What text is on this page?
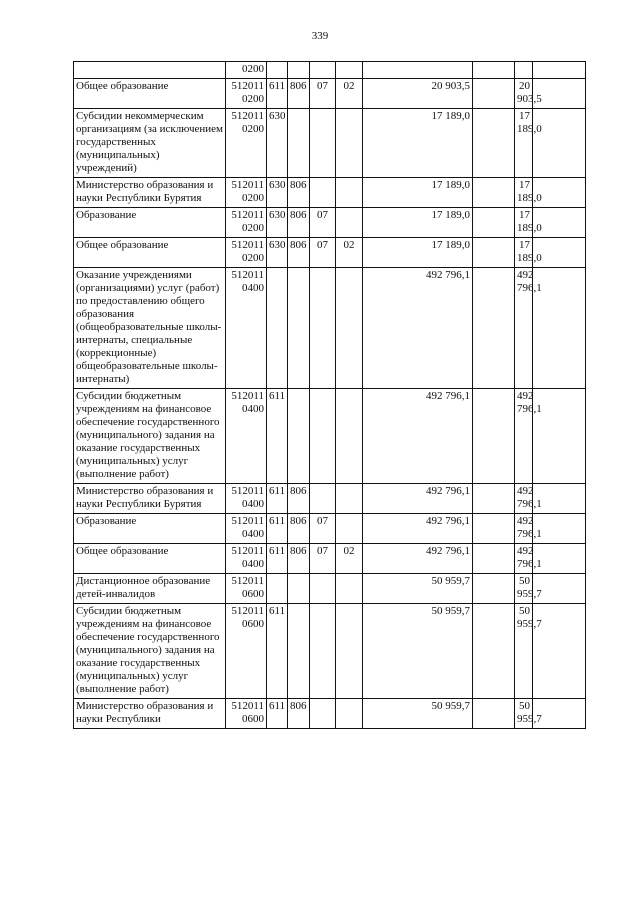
339
	0200								
Общее образование	512011 0200	611	806	07	02	20 903,5		20 903,5	
Субсидии некоммерческим организациям (за исключением государственных (муниципальных) учреждений)	512011 0200	630				17 189,0		17 189,0	
Министерство образования и науки Республики Бурятия	512011 0200	630	806			17 189,0		17 189,0	
Образование	512011 0200	630	806	07		17 189,0		17 189,0	
Общее образование	512011 0200	630	806	07	02	17 189,0		17 189,0	
Оказание учреждениями (организациями) услуг (работ) по предоставлению общего образования (общеобразовательные школы-интернаты, специальные (коррекционные) общеобразовательные школы-интернаты)	512011 0400					492 796,1		492 796,1	
Субсидии бюджетным учреждениям на финансовое обеспечение государственного (муниципального) задания на оказание государственных (муниципальных) услуг (выполнение работ)	512011 0400	611				492 796,1		492 796,1	
Министерство образования и науки Республики Бурятия	512011 0400	611	806			492 796,1		492 796,1	
Образование	512011 0400	611	806	07		492 796,1		492 796,1	
Общее образование	512011 0400	611	806	07	02	492 796,1		492 796,1	
Дистанционное образование детей-инвалидов	512011 0600					50 959,7		50 959,7	
Субсидии бюджетным учреждениям на финансовое обеспечение государственного (муниципального) задания на оказание государственных (муниципальных) услуг (выполнение работ)	512011 0600	611				50 959,7		50 959,7	
Министерство образования и науки Республики	512011 0600	611	806			50 959,7		50 959,7	
